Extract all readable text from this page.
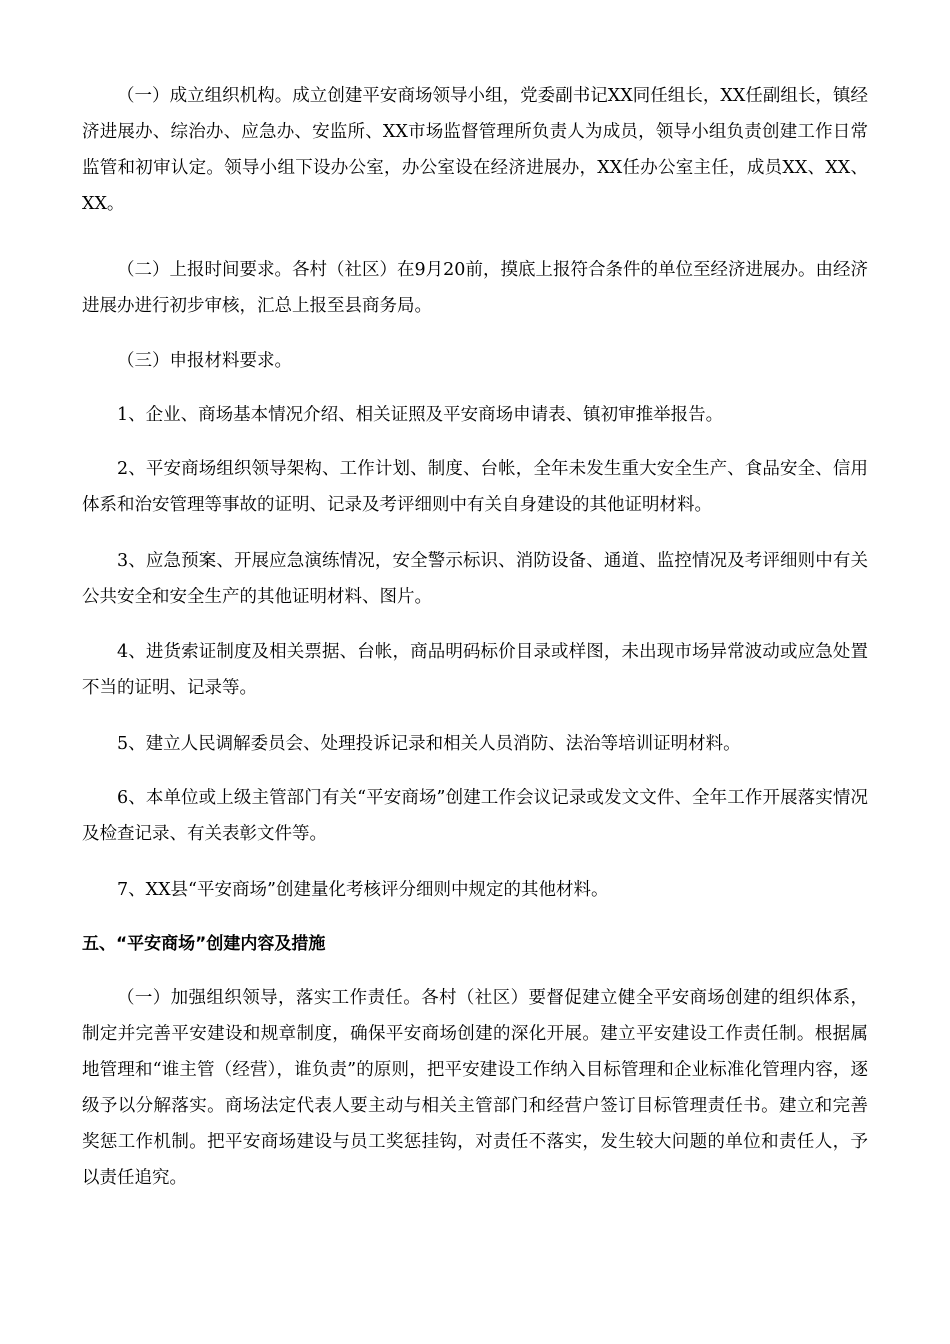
（一）成立组织机构。成立创建平安商场领导小组，党委副书记XX同任组长，XX任副组长，镇经济进展办、综治办、应急办、安监所、XX市场监督管理所负责人为成员，领导小组负责创建工作日常监管和初审认定。领导小组下设办公室，办公室设在经济进展办，XX任办公室主任，成员XX、XX、XX。

（二）上报时间要求。各村（社区）在9月20前，摸底上报符合条件的单位至经济进展办。由经济进展办进行初步审核，汇总上报至县商务局。

（三）申报材料要求。

1、企业、商场基本情况介绍、相关证照及平安商场申请表、镇初审推举报告。

2、平安商场组织领导架构、工作计划、制度、台帐，全年未发生重大安全生产、食品安全、信用体系和治安管理等事故的证明、记录及考评细则中有关自身建设的其他证明材料。

3、应急预案、开展应急演练情况，安全警示标识、消防设备、通道、监控情况及考评细则中有关公共安全和安全生产的其他证明材料、图片。

4、进货索证制度及相关票据、台帐，商品明码标价目录或样图，未出现市场异常波动或应急处置不当的证明、记录等。

5、建立人民调解委员会、处理投诉记录和相关人员消防、法治等培训证明材料。

6、本单位或上级主管部门有关“平安商场”创建工作会议记录或发文文件、全年工作开展落实情况及检查记录、有关表彰文件等。

7、XX县“平安商场”创建量化考核评分细则中规定的其他材料。

五、“平安商场”创建内容及措施

（一）加强组织领导，落实工作责任。各村（社区）要督促建立健全平安商场创建的组织体系，制定并完善平安建设和规章制度，确保平安商场创建的深化开展。建立平安建设工作责任制。根据属地管理和“谁主管（经营），谁负责”的原则，把平安建设工作纳入目标管理和企业标准化管理内容，逐级予以分解落实。商场法定代表人要主动与相关主管部门和经营户签订目标管理责任书。建立和完善奖惩工作机制。把平安商场建设与员工奖惩挂钩，对责任不落实，发生较大问题的单位和责任人，予以责任追究。
